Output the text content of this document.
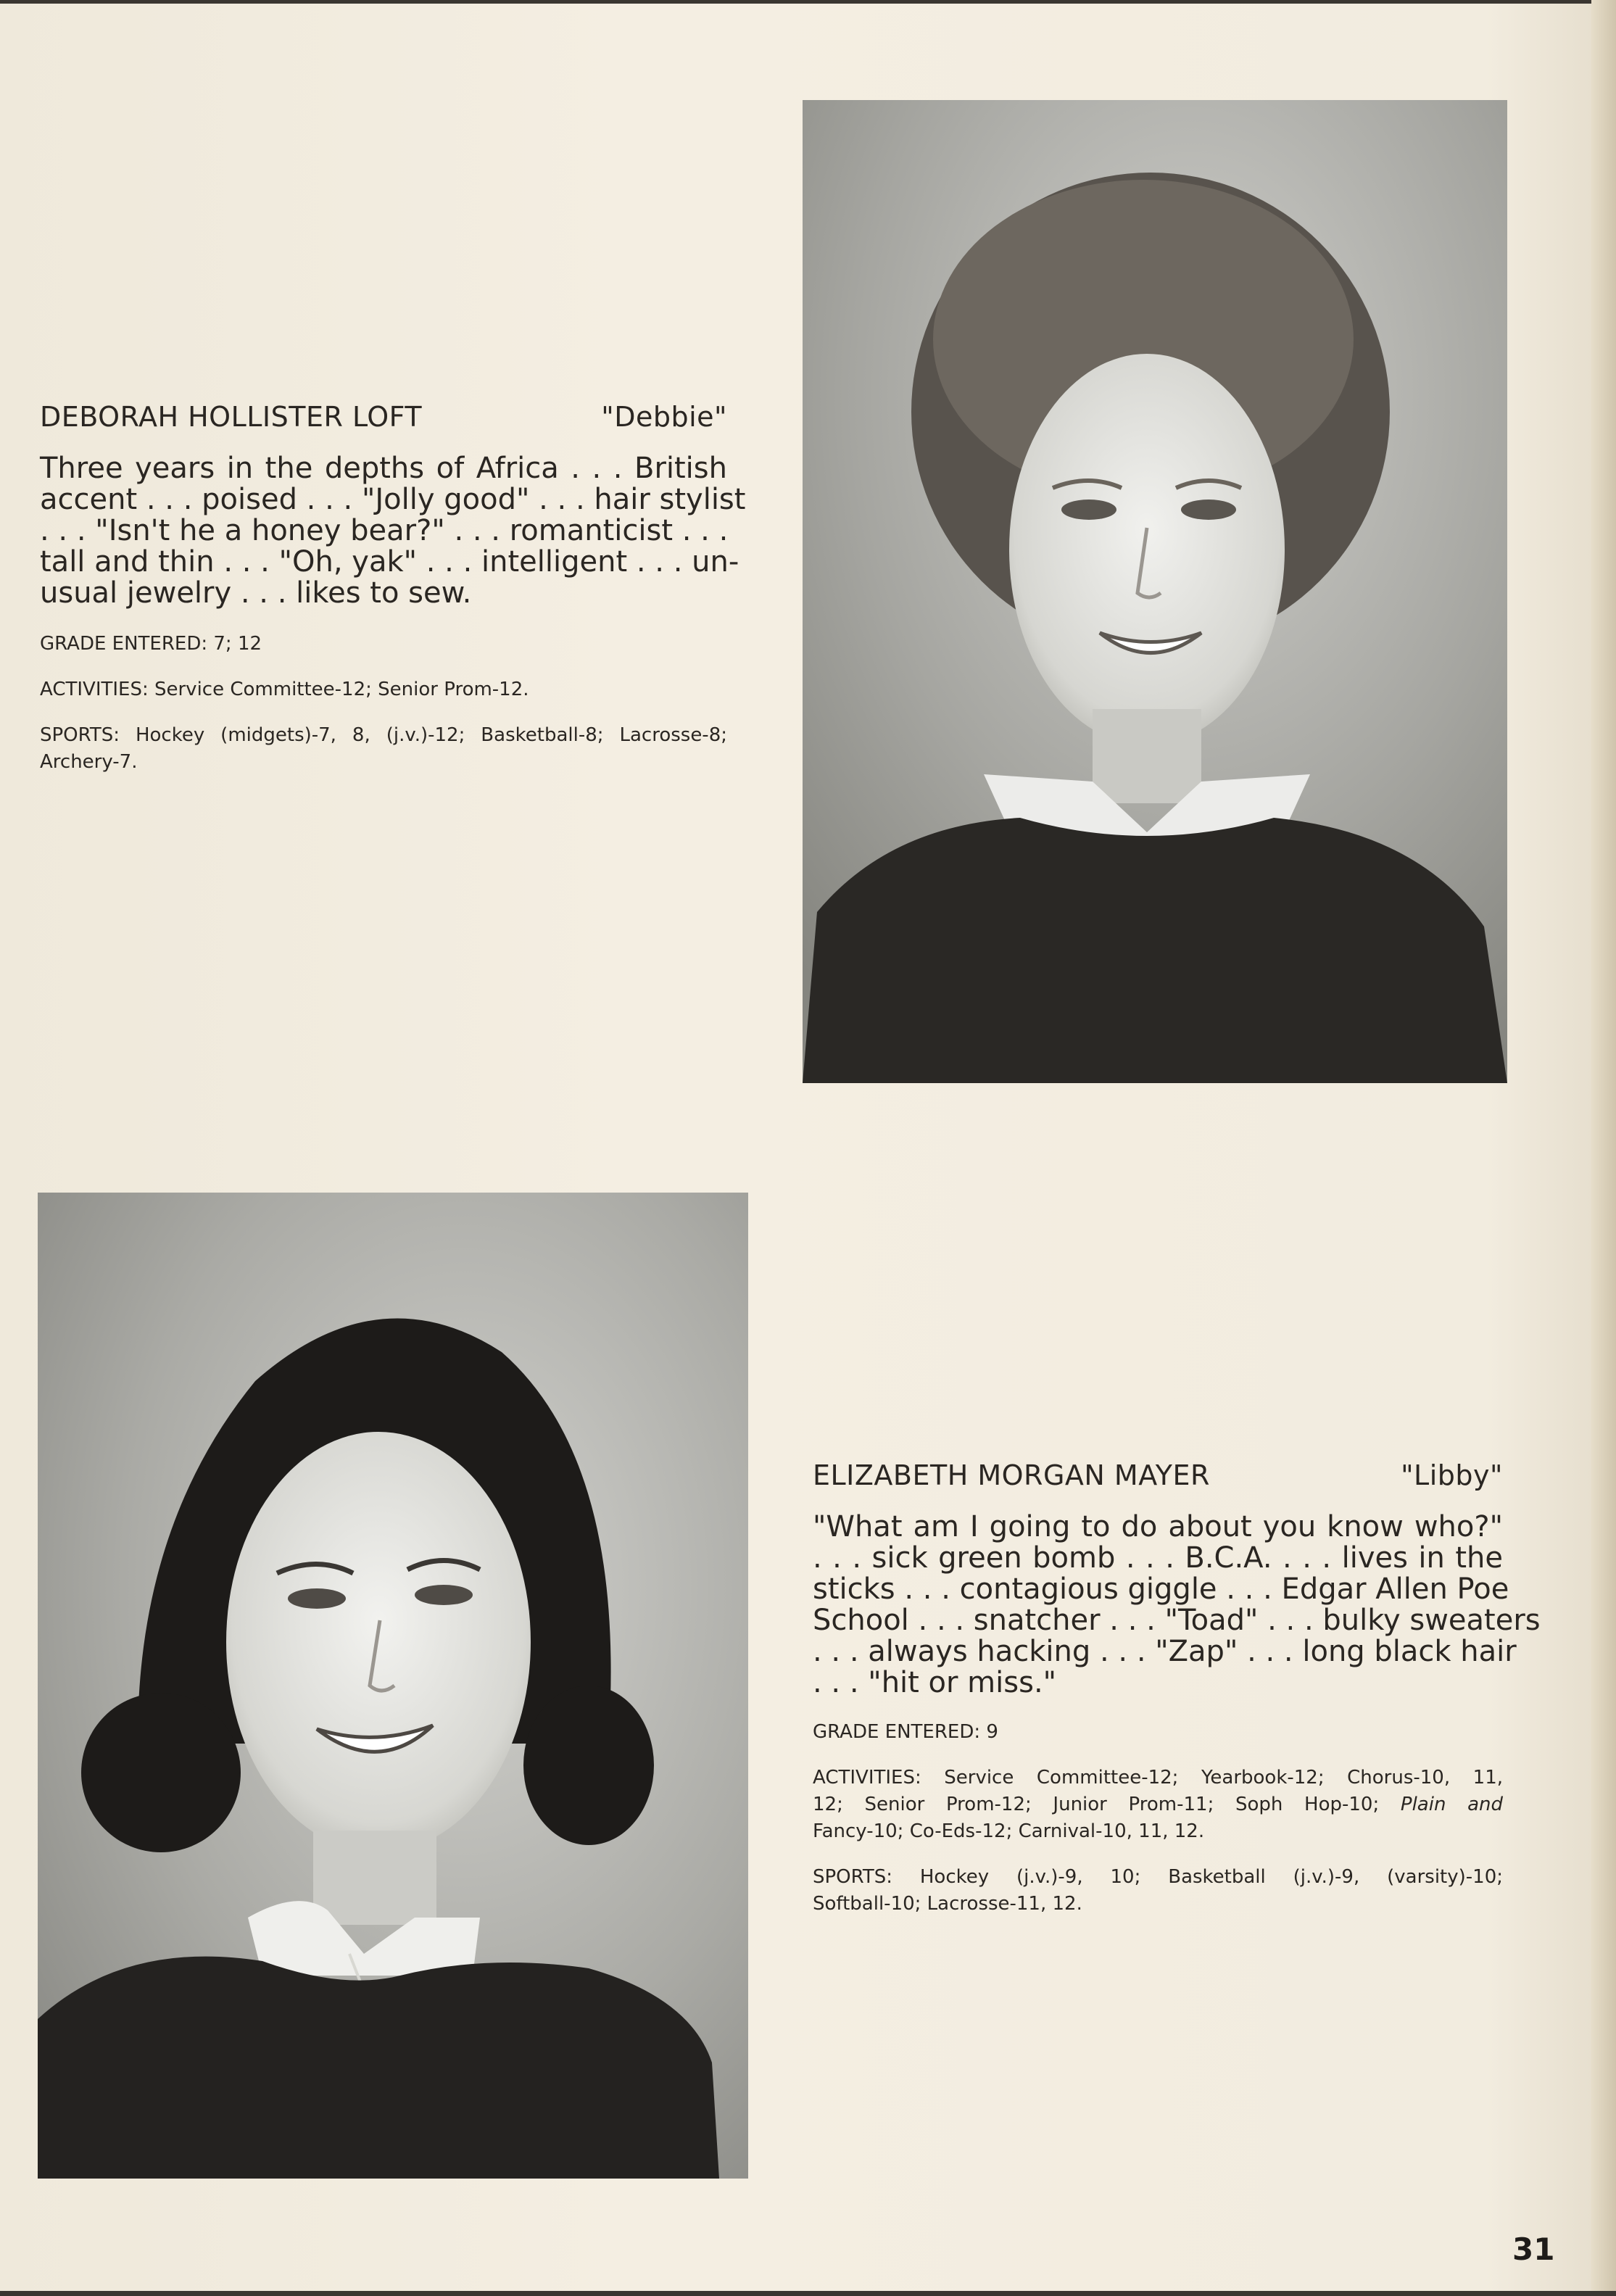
DEBORAH HOLLISTER LOFT	"Debbie"
Three years in the depths of Africa . . . British
accent . . . poised . . . "Jolly good" . . . hair stylist
. . . "Isn't he a honey bear?" . . . romanticist . . .
tall and thin . . . "Oh, yak" . . . intelligent . . . un-
usual jewelry . . . likes to sew.
GRADE ENTERED: 7; 12
ACTIVITIES: Service Committee-12; Senior Prom-12.
SPORTS: Hockey (midgets)-7, 8, (j.v.)-12; Basketball-8; Lacrosse-8;
Archery-7.
ELIZABETH MORGAN MAYER	"Libby"
"What am I going to do about you know who?"
. . . sick green bomb . . . B.C.A. . . . lives in the
sticks . . . contagious giggle . . . Edgar Allen Poe
School . . . snatcher . . . "Toad" . . . bulky sweaters
. . . always hacking . . . "Zap" . . . long black hair
. . . "hit or miss."
GRADE ENTERED: 9
ACTIVITIES: Service Committee-12; Yearbook-12; Chorus-10, 11,
12; Senior Prom-12; Junior Prom-11; Soph Hop-10; Plain and
Fancy-10; Co-Eds-12; Carnival-10, 11, 12.
SPORTS: Hockey (j.v.)-9, 10; Basketball (j.v.)-9, (varsity)-10;
Softball-10; Lacrosse-11, 12.
31
